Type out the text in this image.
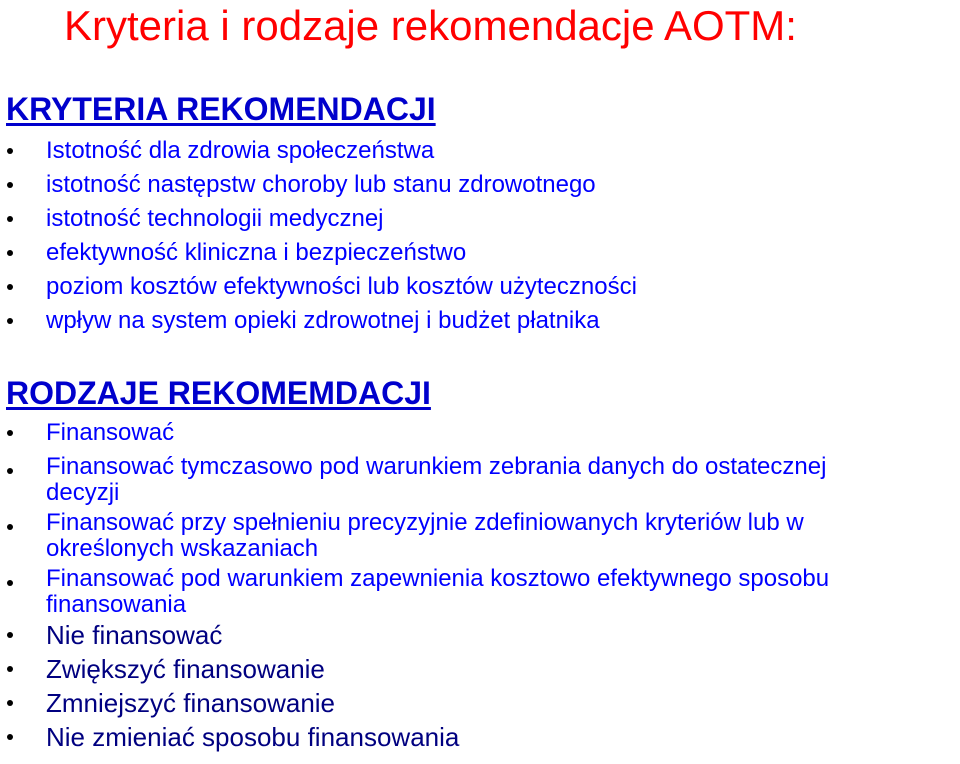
Kryteria i rodzaje rekomendacje AOTM:
KRYTERIA REKOMENDACJI
Istotność dla zdrowia społeczeństwa
istotność następstw choroby lub stanu zdrowotnego
istotność technologii medycznej
efektywność kliniczna i bezpieczeństwo
poziom kosztów efektywności lub kosztów użyteczności
wpływ na system opieki zdrowotnej i budżet płatnika
RODZAJE REKOMEMDACJI
Finansować
Finansować tymczasowo pod warunkiem zebrania danych do ostatecznej
decyzji
Finansować przy spełnieniu precyzyjnie zdefiniowanych kryteriów lub w
określonych wskazaniach
Finansować pod warunkiem zapewnienia kosztowo efektywnego sposobu
finansowania
Nie finansować
Zwiększyć finansowanie
Zmniejszyć finansowanie
Nie zmieniać sposobu finansowania
